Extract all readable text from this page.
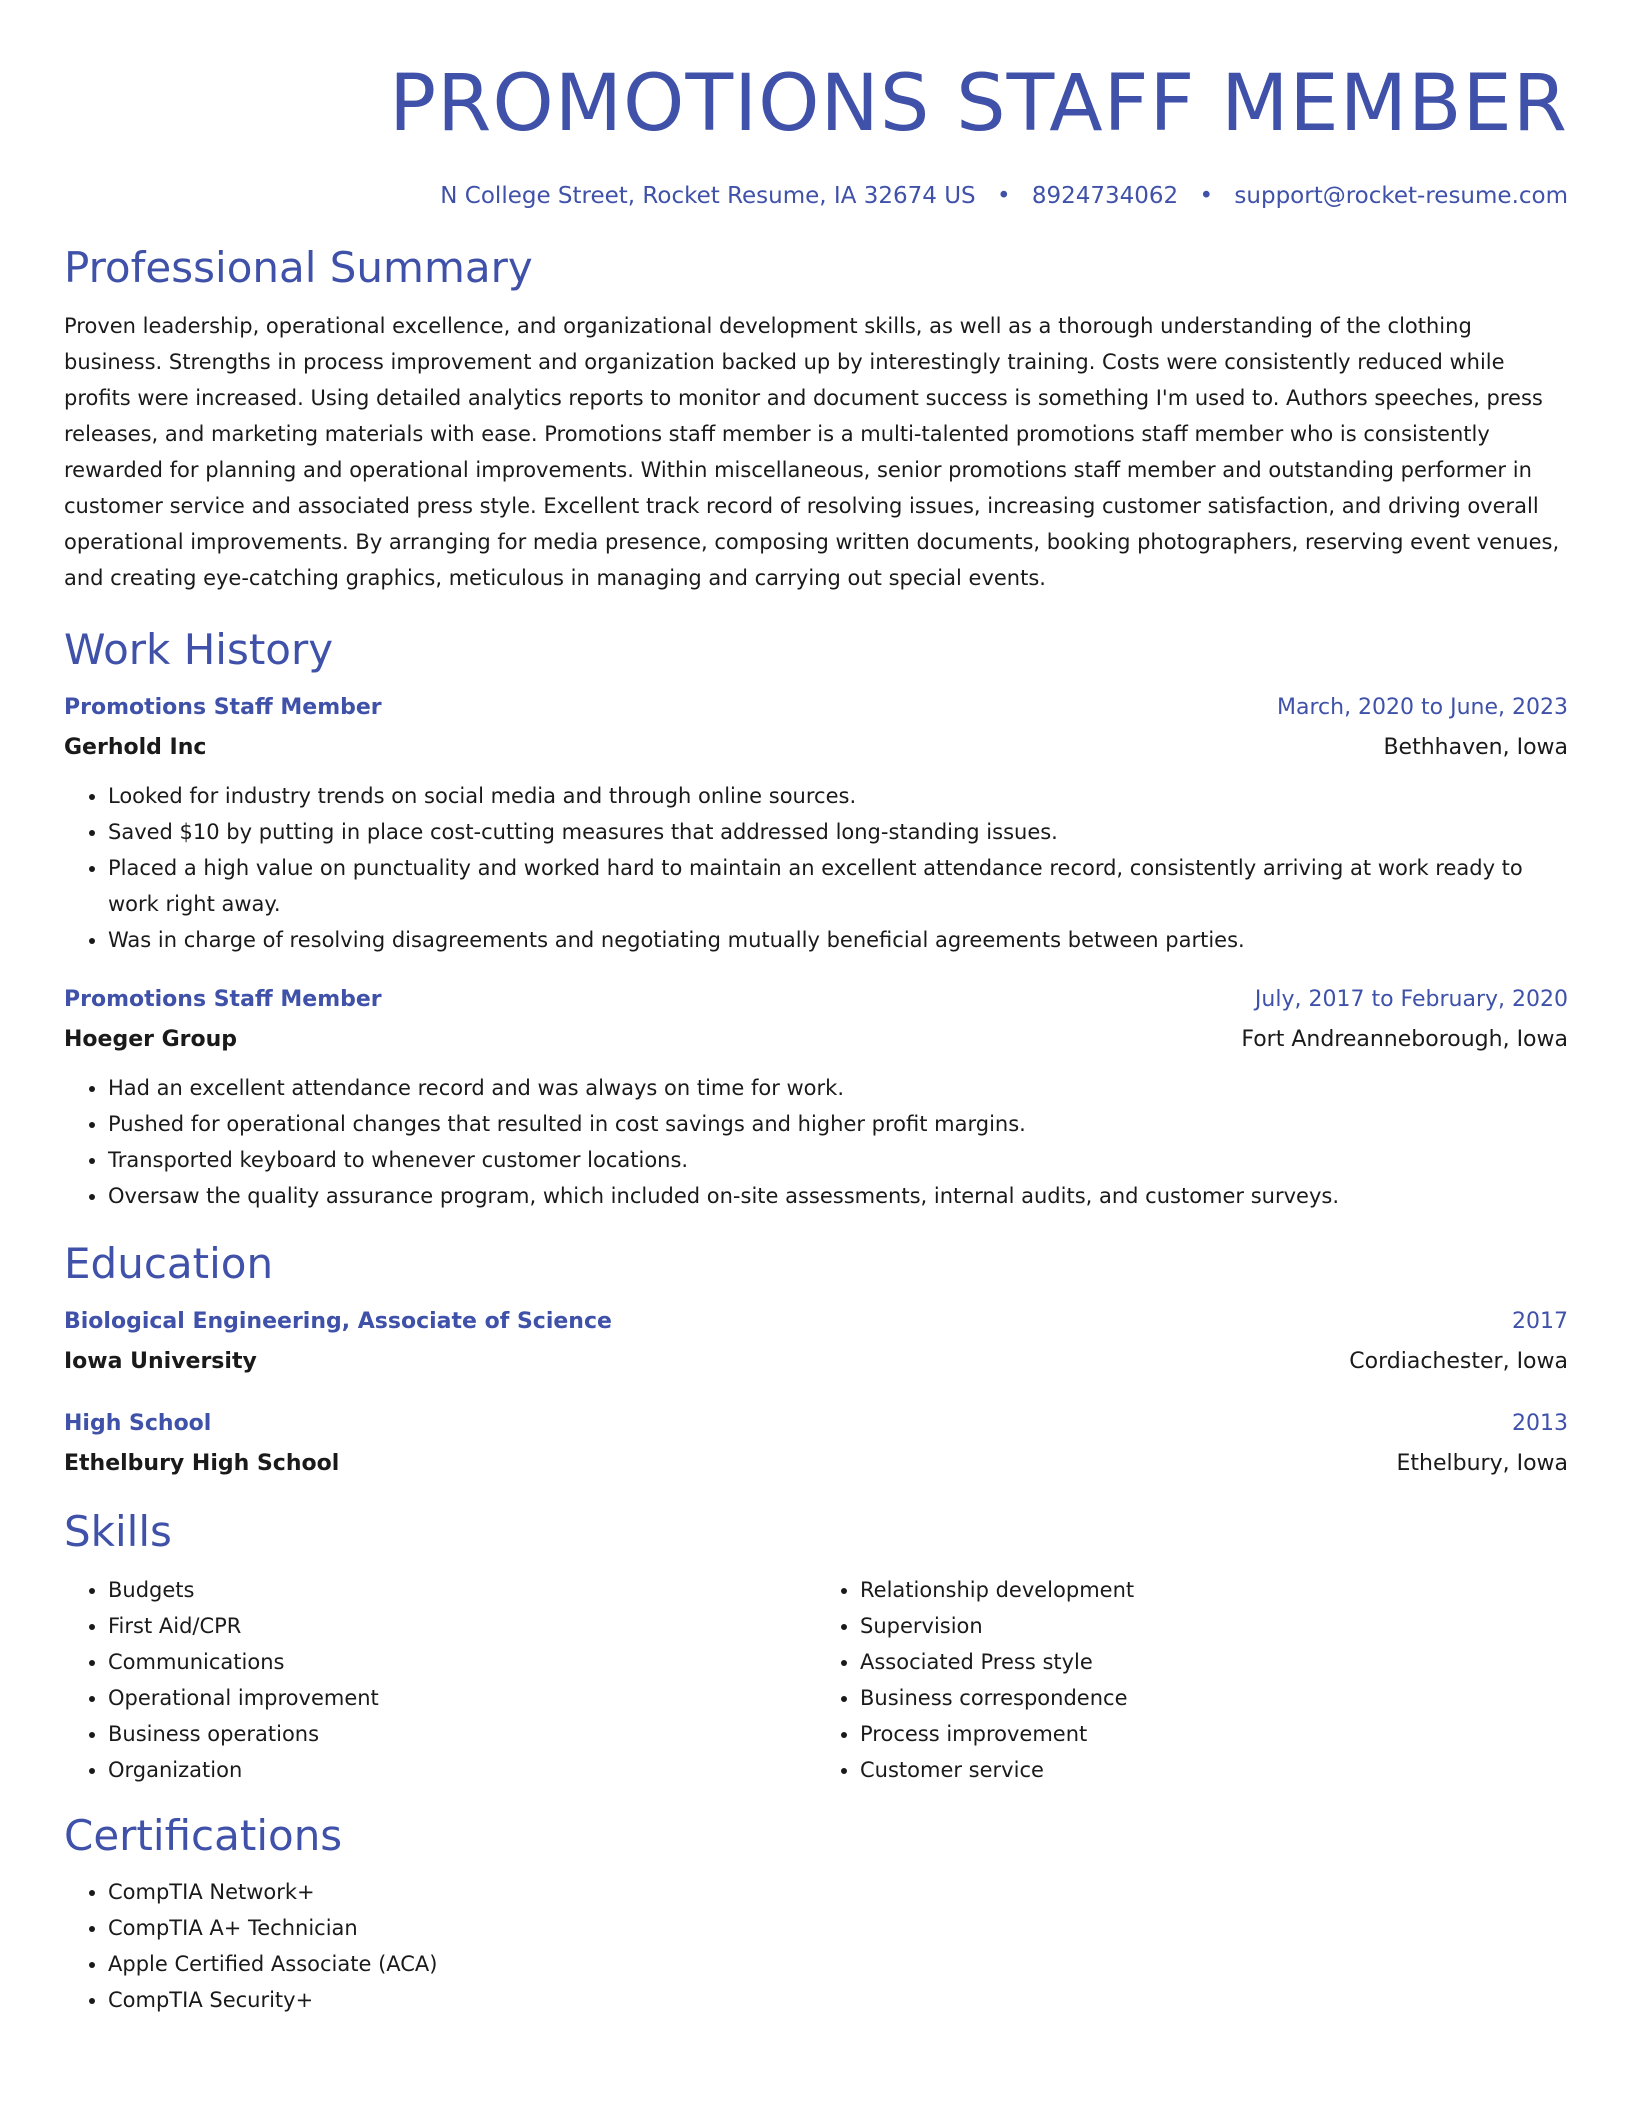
PROMOTIONS STAFF MEMBER
N College Street, Rocket Resume, IA 32674 US • 8924734062 • support@rocket-resume.com
Professional Summary
Proven leadership, operational excellence, and organizational development skills, as well as a thorough understanding of the clothing business. Strengths in process improvement and organization backed up by interestingly training. Costs were consistently reduced while profits were increased. Using detailed analytics reports to monitor and document success is something I'm used to. Authors speeches, press releases, and marketing materials with ease. Promotions staff member is a multi-talented promotions staff member who is consistently rewarded for planning and operational improvements. Within miscellaneous, senior promotions staff member and outstanding performer in customer service and associated press style. Excellent track record of resolving issues, increasing customer satisfaction, and driving overall operational improvements. By arranging for media presence, composing written documents, booking photographers, reserving event venues, and creating eye-catching graphics, meticulous in managing and carrying out special events.
Work History
Promotions Staff Member	March, 2020 to June, 2023
Gerhold Inc	Bethhaven, Iowa
• Looked for industry trends on social media and through online sources.
• Saved $10 by putting in place cost-cutting measures that addressed long-standing issues.
• Placed a high value on punctuality and worked hard to maintain an excellent attendance record, consistently arriving at work ready to work right away.
• Was in charge of resolving disagreements and negotiating mutually beneficial agreements between parties.
Promotions Staff Member	July, 2017 to February, 2020
Hoeger Group	Fort Andreanneborough, Iowa
• Had an excellent attendance record and was always on time for work.
• Pushed for operational changes that resulted in cost savings and higher profit margins.
• Transported keyboard to whenever customer locations.
• Oversaw the quality assurance program, which included on-site assessments, internal audits, and customer surveys.
Education
Biological Engineering, Associate of Science	2017
Iowa University	Cordiachester, Iowa
High School	2013
Ethelbury High School	Ethelbury, Iowa
Skills
• Budgets
• First Aid/CPR
• Communications
• Operational improvement
• Business operations
• Organization
• Relationship development
• Supervision
• Associated Press style
• Business correspondence
• Process improvement
• Customer service
Certifications
• CompTIA Network+
• CompTIA A+ Technician
• Apple Certified Associate (ACA)
• CompTIA Security+
